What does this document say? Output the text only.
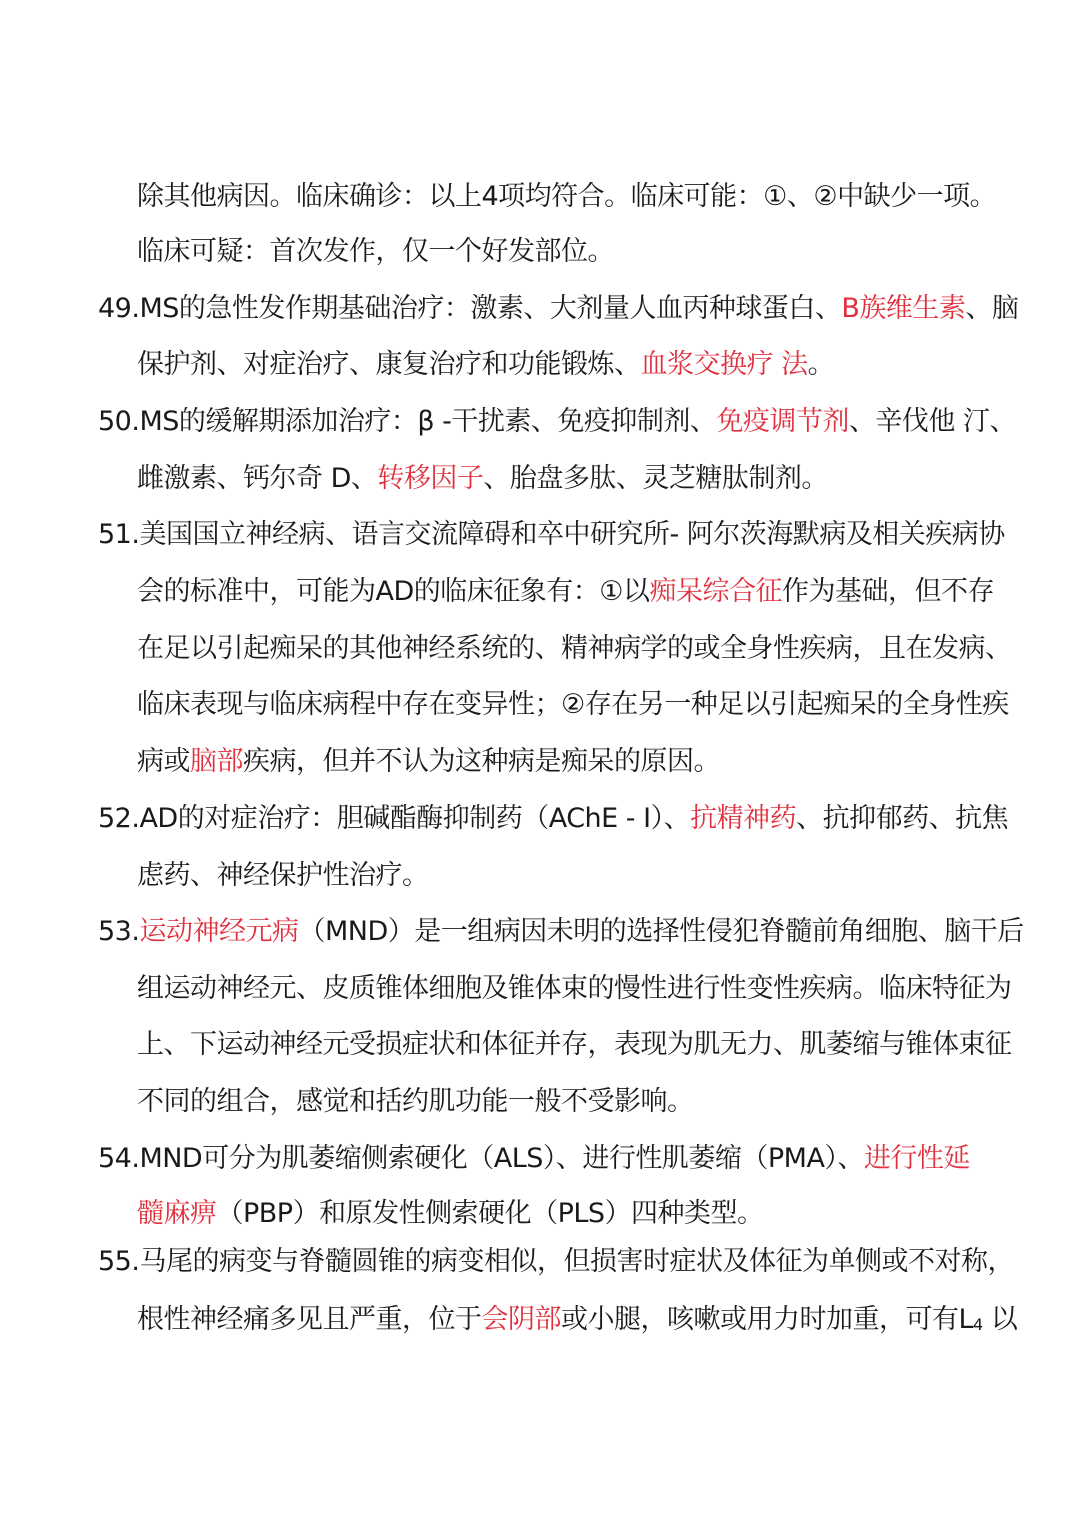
除其他病因。临床确诊：以上4项均符合。临床可能：①、②中缺少一项。
临床可疑：首次发作，仅一个好发部位。
49.MS的急性发作期基础治疗：激素、大剂量人血丙种球蛋白、B族维生素、脑
保护剂、对症治疗、康复治疗和功能锻炼、血浆交换疗 法。
50.MS的缓解期添加治疗：β -干扰素、免疫抑制剂、免疫调节剂、辛伐他 汀、
雌激素、钙尔奇 D、转移因子、胎盘多肽、灵芝糖肽制剂。
51.美国国立神经病、语言交流障碍和卒中研究所- 阿尔茨海默病及相关疾病协
会的标准中，可能为AD的临床征象有：①以痴呆综合征作为基础，但不存
在足以引起痴呆的其他神经系统的、精神病学的或全身性疾病，且在发病、
临床表现与临床病程中存在变异性；②存在另一种足以引起痴呆的全身性疾
病或脑部疾病，但并不认为这种病是痴呆的原因。
52.AD的对症治疗：胆碱酯酶抑制药（AChE - I）、抗精神药、抗抑郁药、抗焦
虑药、神经保护性治疗。
53.运动神经元病（MND）是一组病因未明的选择性侵犯脊髓前角细胞、脑干后
组运动神经元、皮质锥体细胞及锥体束的慢性进行性变性疾病。临床特征为
上、下运动神经元受损症状和体征并存，表现为肌无力、肌萎缩与锥体束征
不同的组合，感觉和括约肌功能一般不受影响。
54.MND可分为肌萎缩侧索硬化（ALS）、进行性肌萎缩（PMA）、进行性延
髓麻痹（PBP）和原发性侧索硬化（PLS）四种类型。
55.马尾的病变与脊髓圆锥的病变相似，但损害时症状及体征为单侧或不对称，
根性神经痛多见且严重，位于会阴部或小腿，咳嗽或用力时加重，可有$L_4$ 以
